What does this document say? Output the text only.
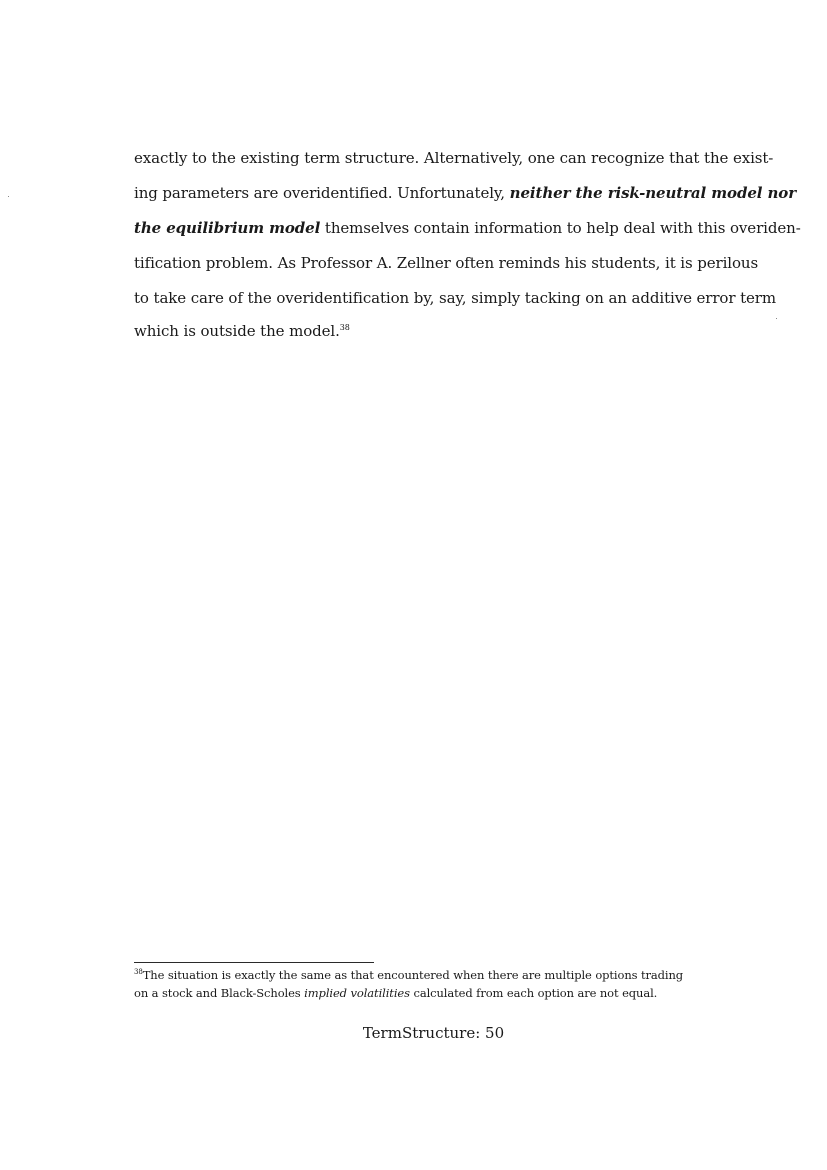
exactly to the existing term structure. Alternatively, one can recognize that the exist-
ing parameters are overidentified. Unfortunately, neither the risk-neutral model nor
the equilibrium model themselves contain information to help deal with this overiden-
tification problem. As Professor A. Zellner often reminds his students, it is perilous
to take care of the overidentification by, say, simply tacking on an additive error term
which is outside the model.$^{38}$
$^{38}$The situation is exactly the same as that encountered when there are multiple options trading
on a stock and Black-Scholes implied volatilities calculated from each option are not equal.
TermStructure: 50
